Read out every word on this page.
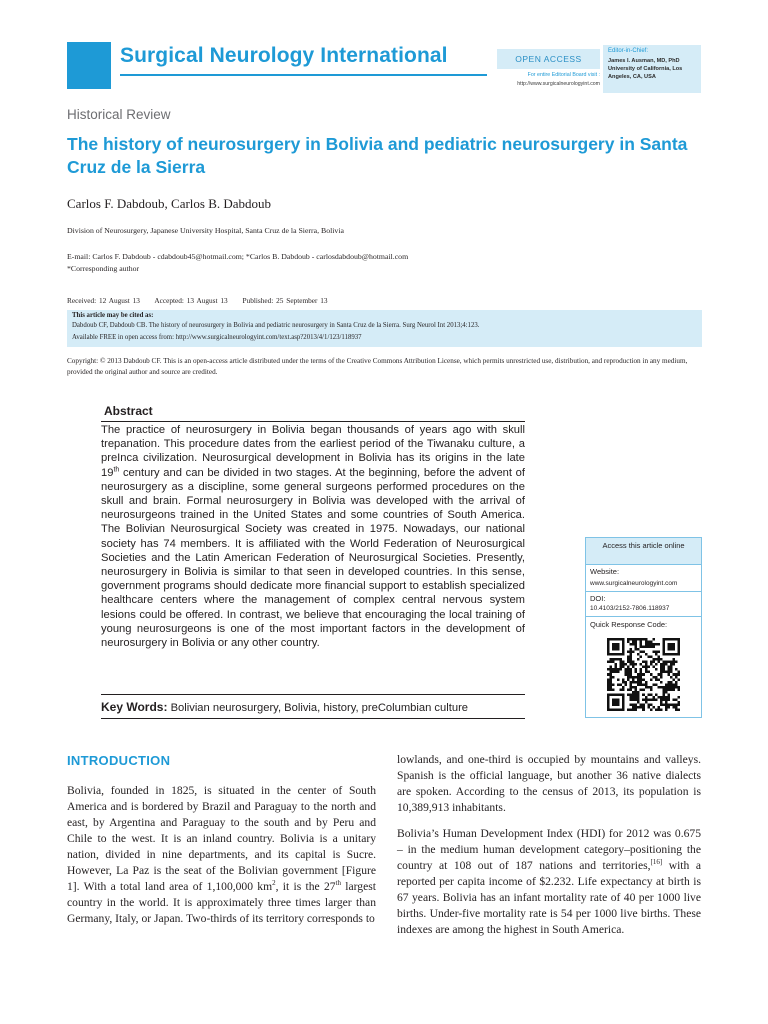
Surgical Neurology International	OPEN ACCESS
For entire Editorial Board visit :
http://www.surgicalneurologyint.com
Editor-in-Chief:
James I. Ausman, MD, PhD
University of California, Los
Angeles, CA, USA
Historical Review
The history of neurosurgery in Bolivia and pediatric neurosurgery in Santa Cruz de la Sierra
Carlos F. Dabdoub, Carlos B. Dabdoub
Division of Neurosurgery, Japanese University Hospital, Santa Cruz de la Sierra, Bolivia
E-mail: Carlos F. Dabdoub - cdabdoub45@hotmail.com; *Carlos B. Dabdoub - carlosdabdoub@hotmail.com
*Corresponding author
Received: 12 August 13 Accepted: 13 August 13 Published: 25 September 13
This article may be cited as:
Dabdoub CF, Dabdoub CB. The history of neurosurgery in Bolivia and pediatric neurosurgery in Santa Cruz de la Sierra. Surg Neurol Int 2013;4:123.
Available FREE in open access from: http://www.surgicalneurologyint.com/text.asp?2013/4/1/123/118937
Copyright: © 2013 Dabdoub CF. This is an open-access article distributed under the terms of the Creative Commons Attribution License, which permits unrestricted use, distribution, and reproduction in any medium, provided the original author and source are credited.
Abstract
The practice of neurosurgery in Bolivia began thousands of years ago with skull trepanation. This procedure dates from the earliest period of the Tiwanaku culture, a preInca civilization. Neurosurgical development in Bolivia has its origins in the late 19th century and can be divided in two stages. At the beginning, before the advent of neurosurgery as a discipline, some general surgeons performed procedures on the skull and brain. Formal neurosurgery in Bolivia was developed with the arrival of neurosurgeons trained in the United States and some countries of South America. The Bolivian Neurosurgical Society was created in 1975. Nowadays, our national society has 74 members. It is affiliated with the World Federation of Neurosurgical Societies and the Latin American Federation of Neurosurgical Societies. Presently, neurosurgery in Bolivia is similar to that seen in developed countries. In this sense, government programs should dedicate more financial support to establish specialized healthcare centers where the management of complex central nervous system lesions could be offered. In contrast, we believe that encouraging the local training of young neurosurgeons is one of the most important factors in the development of neurosurgery in Bolivia or any other country.
Key Words: Bolivian neurosurgery, Bolivia, history, preColumbian culture
Access this article online
Website:
www.surgicalneurologyint.com
DOI:
10.4103/2152-7806.118937
Quick Response Code:
INTRODUCTION
Bolivia, founded in 1825, is situated in the center of South America and is bordered by Brazil and Paraguay to the north and east, by Argentina and Paraguay to the south and by Peru and Chile to the west. It is an inland country. Bolivia is a unitary nation, divided in nine departments, and its capital is Sucre. However, La Paz is the seat of the Bolivian government [Figure 1]. With a total land area of 1,100,000 $km^2$, it is the 27th largest country in the world. It is approximately three times larger than Germany, Italy, or Japan. Two-thirds of its territory corresponds to
lowlands, and one-third is occupied by mountains and valleys. Spanish is the official language, but another 36 native dialects are spoken. According to the census of 2013, its population is 10,389,913 inhabitants.
Bolivia’s Human Development Index (HDI) for 2012 was 0.675 – in the medium human development category–positioning the country at 108 out of 187 nations and territories,[16] with a reported per capita income of $2.232. Life expectancy at birth is 67 years. Bolivia has an infant mortality rate of 40 per 1000 live births. Under-five mortality rate is 54 per 1000 live births. These indexes are among the highest in South America.
